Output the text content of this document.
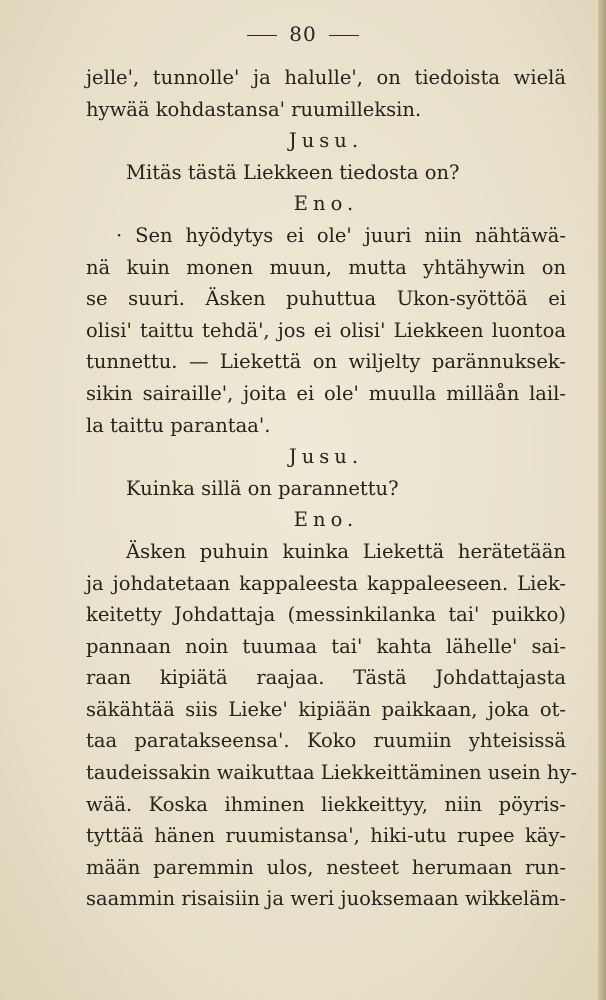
80
jelle', tunnolle' ja halulle', on tiedoista wielä
hywää kohdastansa' ruumilleksin.
Jusu.
Mitäs tästä Liekkeen tiedosta on?
Eno.
· Sen hyödytys ei ole' juuri niin nähtäwä-
nä kuin monen muun, mutta yhtähywin on
se suuri. Äsken puhuttua Ukon-syöttöä ei
olisi' taittu tehdä', jos ei olisi' Liekkeen luontoa
tunnettu. — Liekettä on wiljelty parännuksek-
sikin sairaille', joita ei ole' muulla milläån lail-
la taittu parantaa'.
Jusu.
Kuinka sillä on parannettu?
Eno.
Äsken puhuin kuinka Liekettä herätetään
ja johdatetaan kappaleesta kappaleeseen. Liek-
keitetty Johdattaja (messinkilanka tai' puikko)
pannaan noin tuumaa tai' kahta lähelle' sai-
raan kipiätä raajaa. Tästä Johdattajasta
säkähtää siis Lieke' kipiään paikkaan, joka ot-
taa paratakseensa'. Koko ruumiin yhteisissä
taudeissakin waikuttaa Liekkeittäminen usein hy-
wää. Koska ihminen liekkeittyy, niin pöyris-
tyttää hänen ruumistansa', hiki-utu rupee käy-
mään paremmin ulos, nesteet herumaan run-
saammin risaisiin ja weri juoksemaan wikkeläm-
